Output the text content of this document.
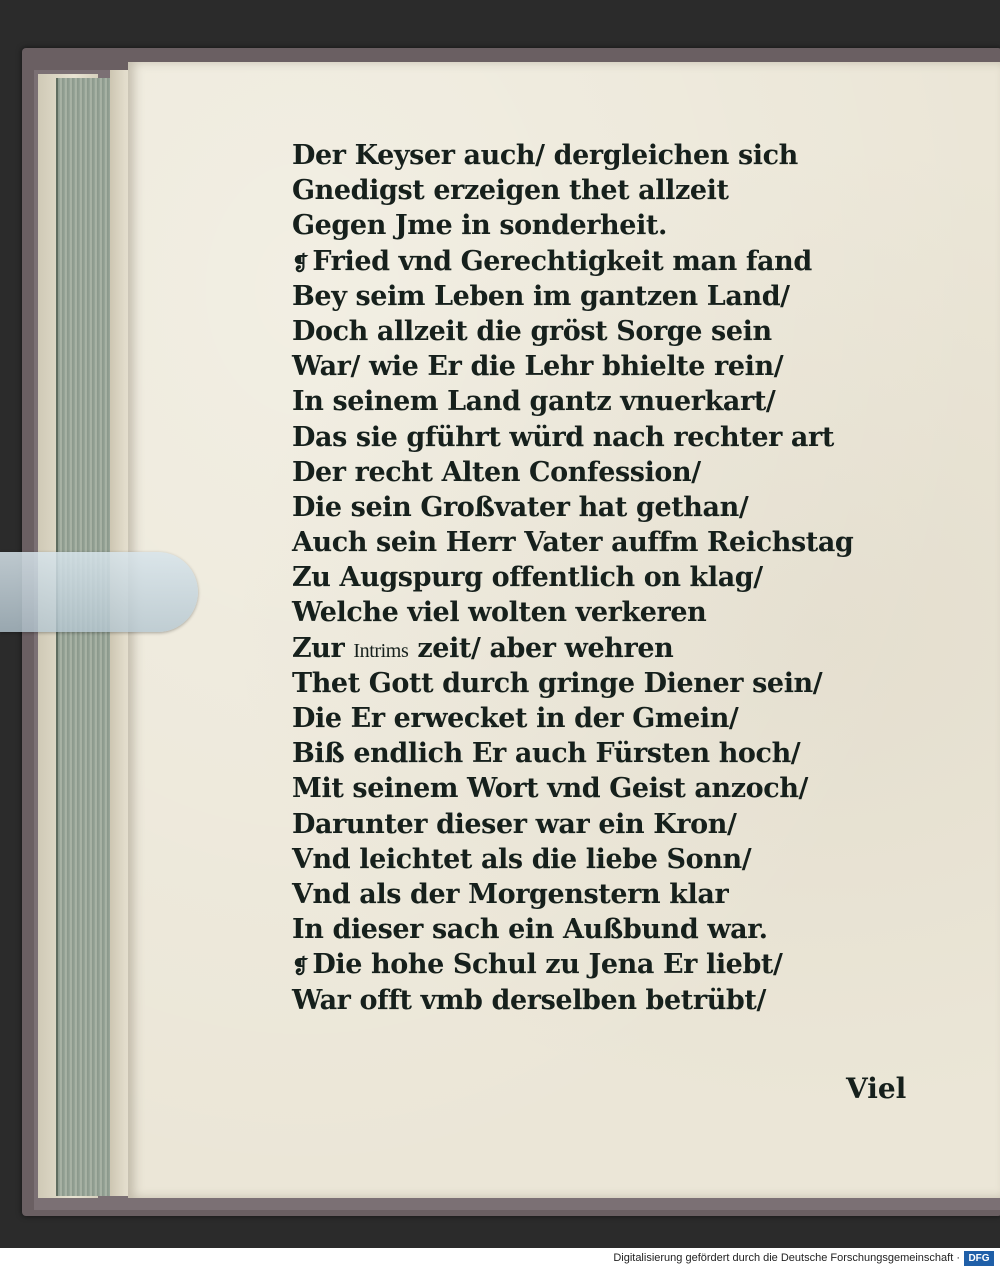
Der Keyser auch/ dergleichen sich
Gnedigst erzeigen thet allzeit
Gegen Jme in sonderheit.
❡ Fried vnd Gerechtigkeit man fand
Bey seim Leben im gantzen Land/
Doch allzeit die gröst Sorge sein
War/ wie Er die Lehr bhielte rein/
In seinem Land gantz vnuerkart/
Das sie gführt würd nach rechter art
Der recht Alten Confession/
Die sein Großvater hat gethan/
Auch sein Herr Vater auffm Reichstag
Zu Augspurg offentlich on klag/
Welche viel wolten verkeren
Zur Intrims zeit/ aber wehren
Thet Gott durch gringe Diener sein/
Die Er erwecket in der Gmein/
Biß endlich Er auch Fürsten hoch/
Mit seinem Wort vnd Geist anzoch/
Darunter dieser war ein Kron/
Vnd leichtet als die liebe Sonn/
Vnd als der Morgenstern klar
In dieser sach ein Außbund war.
❡ Die hohe Schul zu Jena Er liebt/
War offt vmb derselben betrübt/
Viel
Digitalisierung gefördert durch die Deutsche Forschungsgemeinschaft · DFG
